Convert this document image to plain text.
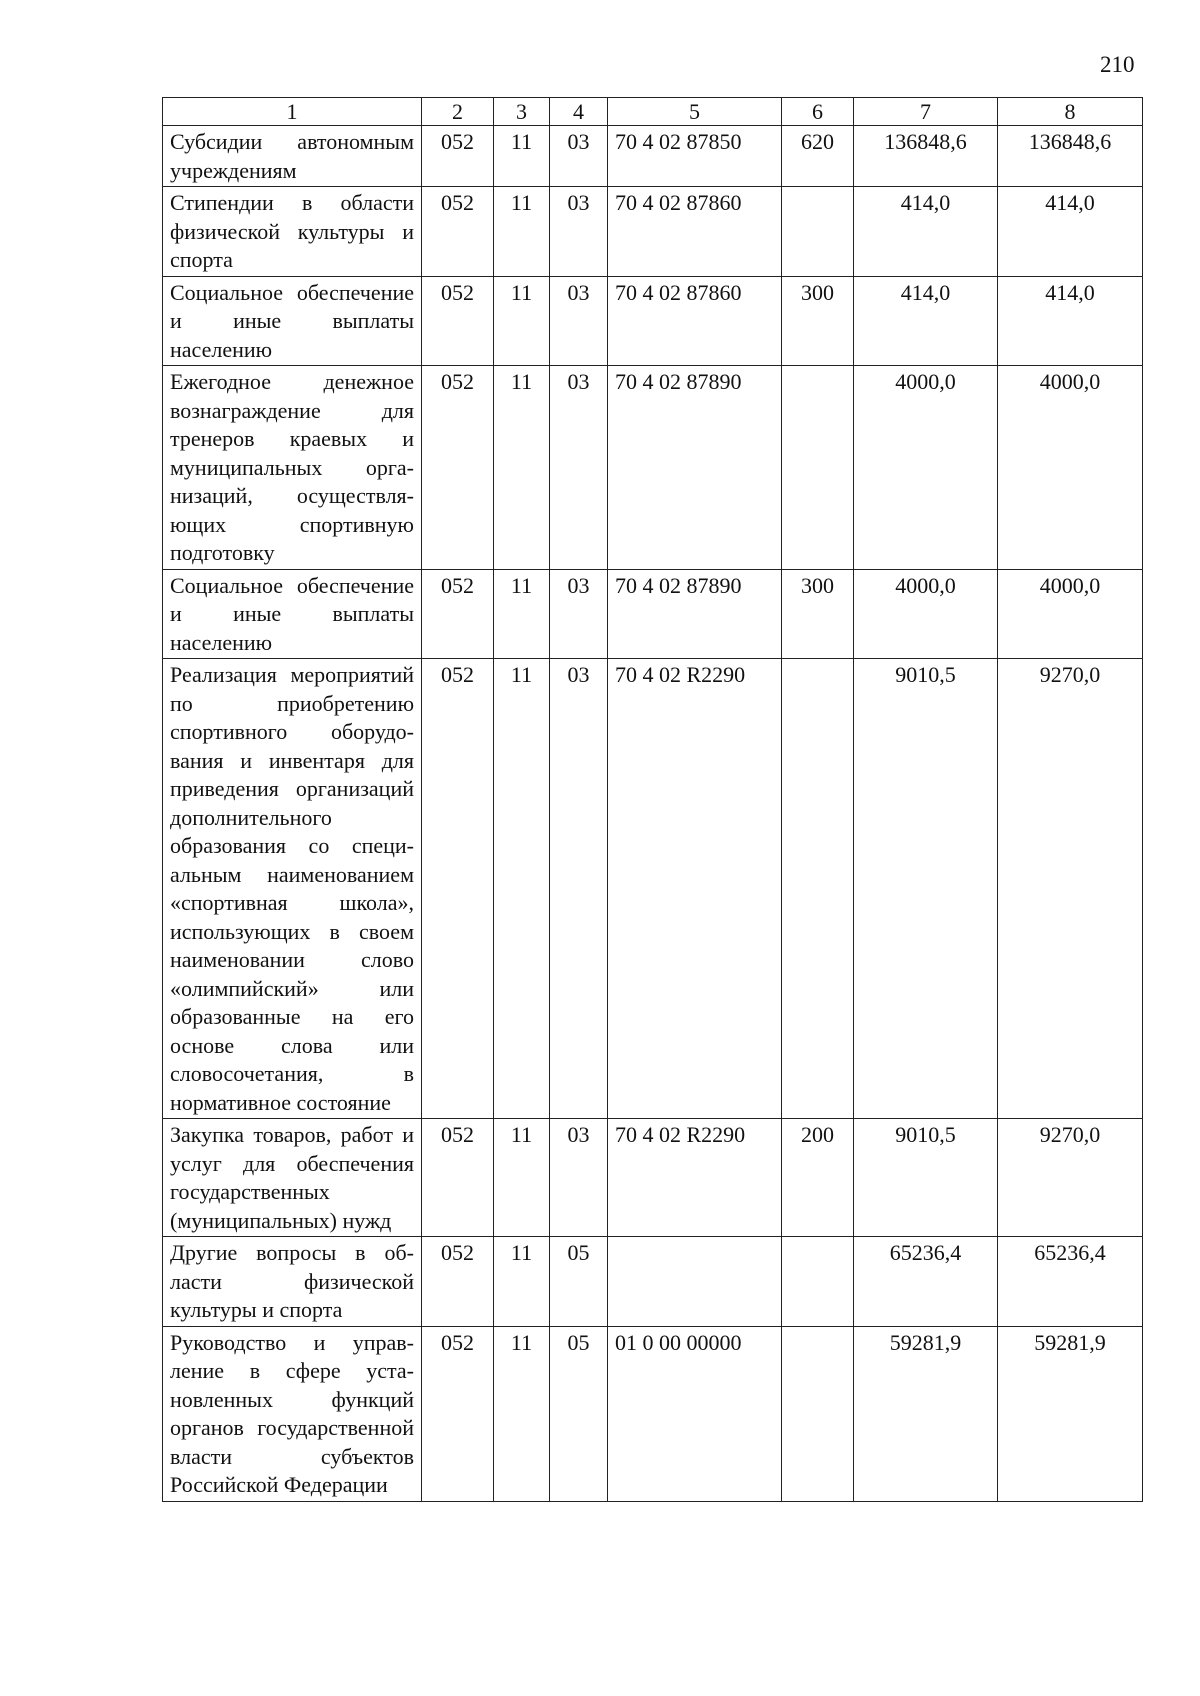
210
1	2	3	4	5	6	7	8
Субсидии автономным учреждениям	052	11	03	70 4 02 87850	620	136848,6	136848,6
Стипендии в области физической культуры и спорта	052	11	03	70 4 02 87860		414,0	414,0
Социальное обеспечение и иные выплаты населению	052	11	03	70 4 02 87860	300	414,0	414,0
Ежегодное денежное вознаграждение для тренеров краевых и муниципальных организаций, осуществляющих спортивную подготовку	052	11	03	70 4 02 87890		4000,0	4000,0
Социальное обеспечение и иные выплаты населению	052	11	03	70 4 02 87890	300	4000,0	4000,0
Реализация мероприятий по приобретению спортивного оборудования и инвентаря для приведения организаций дополнительного образования со специальным наименованием «спортивная школа», использующих в своем наименовании слово «олимпийский» или образованные на его основе слова или словосочетания, в нормативное состояние	052	11	03	70 4 02 R2290		9010,5	9270,0
Закупка товаров, работ и услуг для обеспечения государственных (муниципальных) нужд	052	11	03	70 4 02 R2290	200	9010,5	9270,0
Другие вопросы в области физической культуры и спорта	052	11	05			65236,4	65236,4
Руководство и управление в сфере установленных функций органов государственной власти субъектов Российской Федерации	052	11	05	01 0 00 00000		59281,9	59281,9
